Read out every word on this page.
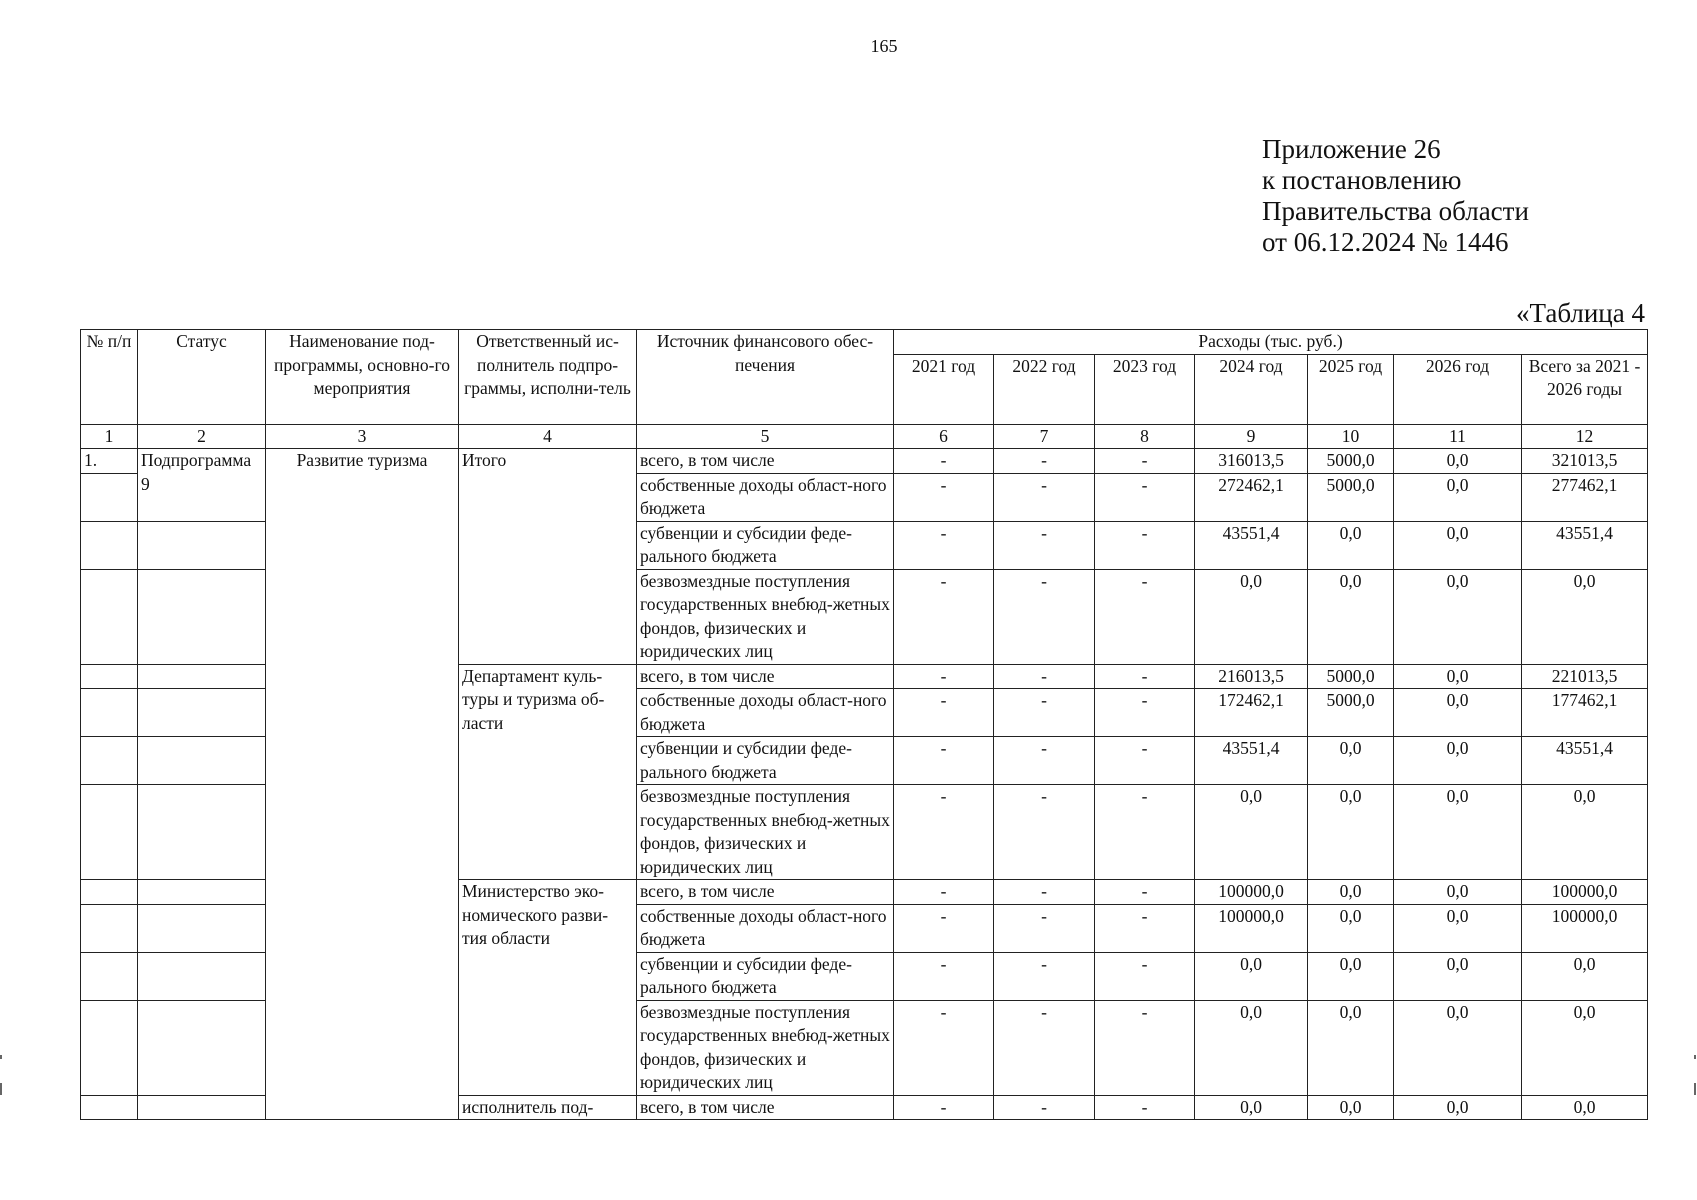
165
Приложение 26
к постановлению
Правительства области
от 06.12.2024 № 1446
«Таблица 4
№ п/п	Статус	Наименование под-программы, основно-го мероприятия	Ответственный ис-полнитель подпро-граммы, исполни-тель	Источник финансового обес-печения	Расходы (тыс. руб.)						
					2021 год	2022 год	2023 год	2024 год	2025 год	2026 год	Всего за 2021 - 2026 годы
1	2	3	4	5	6	7	8	9	10	11	12
1.	Подпрограмма 9	Развитие туризма	Итого	всего, в том числе	-	-	-	316013,5	5000,0	0,0	321013,5
				собственные доходы област-ного бюджета	-	-	-	272462,1	5000,0	0,0	277462,1
				субвенции и субсидии феде-рального бюджета	-	-	-	43551,4	0,0	0,0	43551,4
				безвозмездные поступления государственных внебюд-жетных фондов, физических и юридических лиц	-	-	-	0,0	0,0	0,0	0,0
			Департамент куль-туры и туризма об-ласти	всего, в том числе	-	-	-	216013,5	5000,0	0,0	221013,5
				собственные доходы област-ного бюджета	-	-	-	172462,1	5000,0	0,0	177462,1
				субвенции и субсидии феде-рального бюджета	-	-	-	43551,4	0,0	0,0	43551,4
				безвозмездные поступления государственных внебюд-жетных фондов, физических и юридических лиц	-	-	-	0,0	0,0	0,0	0,0
			Министерство эко-номического разви-тия области	всего, в том числе	-	-	-	100000,0	0,0	0,0	100000,0
				собственные доходы област-ного бюджета	-	-	-	100000,0	0,0	0,0	100000,0
				субвенции и субсидии феде-рального бюджета	-	-	-	0,0	0,0	0,0	0,0
				безвозмездные поступления государственных внебюд-жетных фондов, физических и юридических лиц	-	-	-	0,0	0,0	0,0	0,0
			исполнитель под-	всего, в том числе	-	-	-	0,0	0,0	0,0	0,0
